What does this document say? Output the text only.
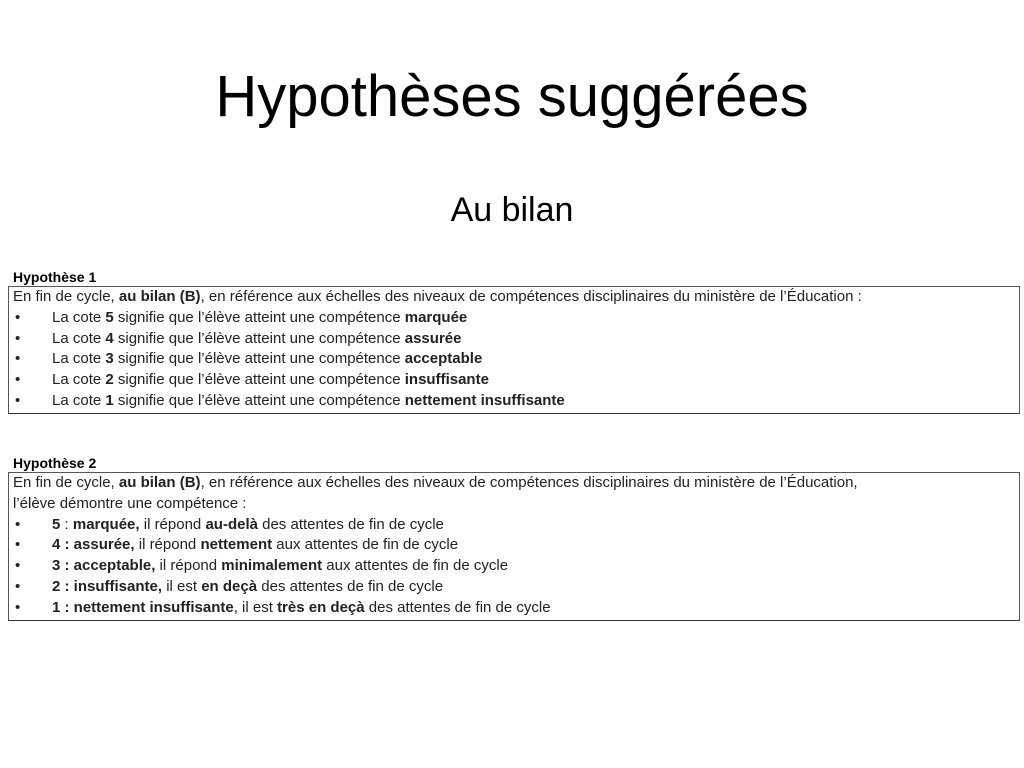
Hypothèses suggérées
Au bilan
Hypothèse 1
En fin de cycle, au bilan (B), en référence aux échelles des niveaux de compétences disciplinaires du ministère de l’Éducation :
• La cote 5 signifie que l’élève atteint une compétence marquée
• La cote 4 signifie que l’élève atteint une compétence assurée
• La cote 3 signifie que l’élève atteint une compétence acceptable
• La cote 2 signifie que l’élève atteint une compétence insuffisante
• La cote 1 signifie que l’élève atteint une compétence nettement insuffisante
Hypothèse 2
En fin de cycle, au bilan (B), en référence aux échelles des niveaux de compétences disciplinaires du ministère de l’Éducation,
l’élève démontre une compétence :
• 5 : marquée, il répond au-delà des attentes de fin de cycle
• 4 : assurée, il répond nettement aux attentes de fin de cycle
• 3 : acceptable, il répond minimalement aux attentes de fin de cycle
• 2 : insuffisante, il est en deçà des attentes de fin de cycle
• 1 : nettement insuffisante, il est très en deçà des attentes de fin de cycle
